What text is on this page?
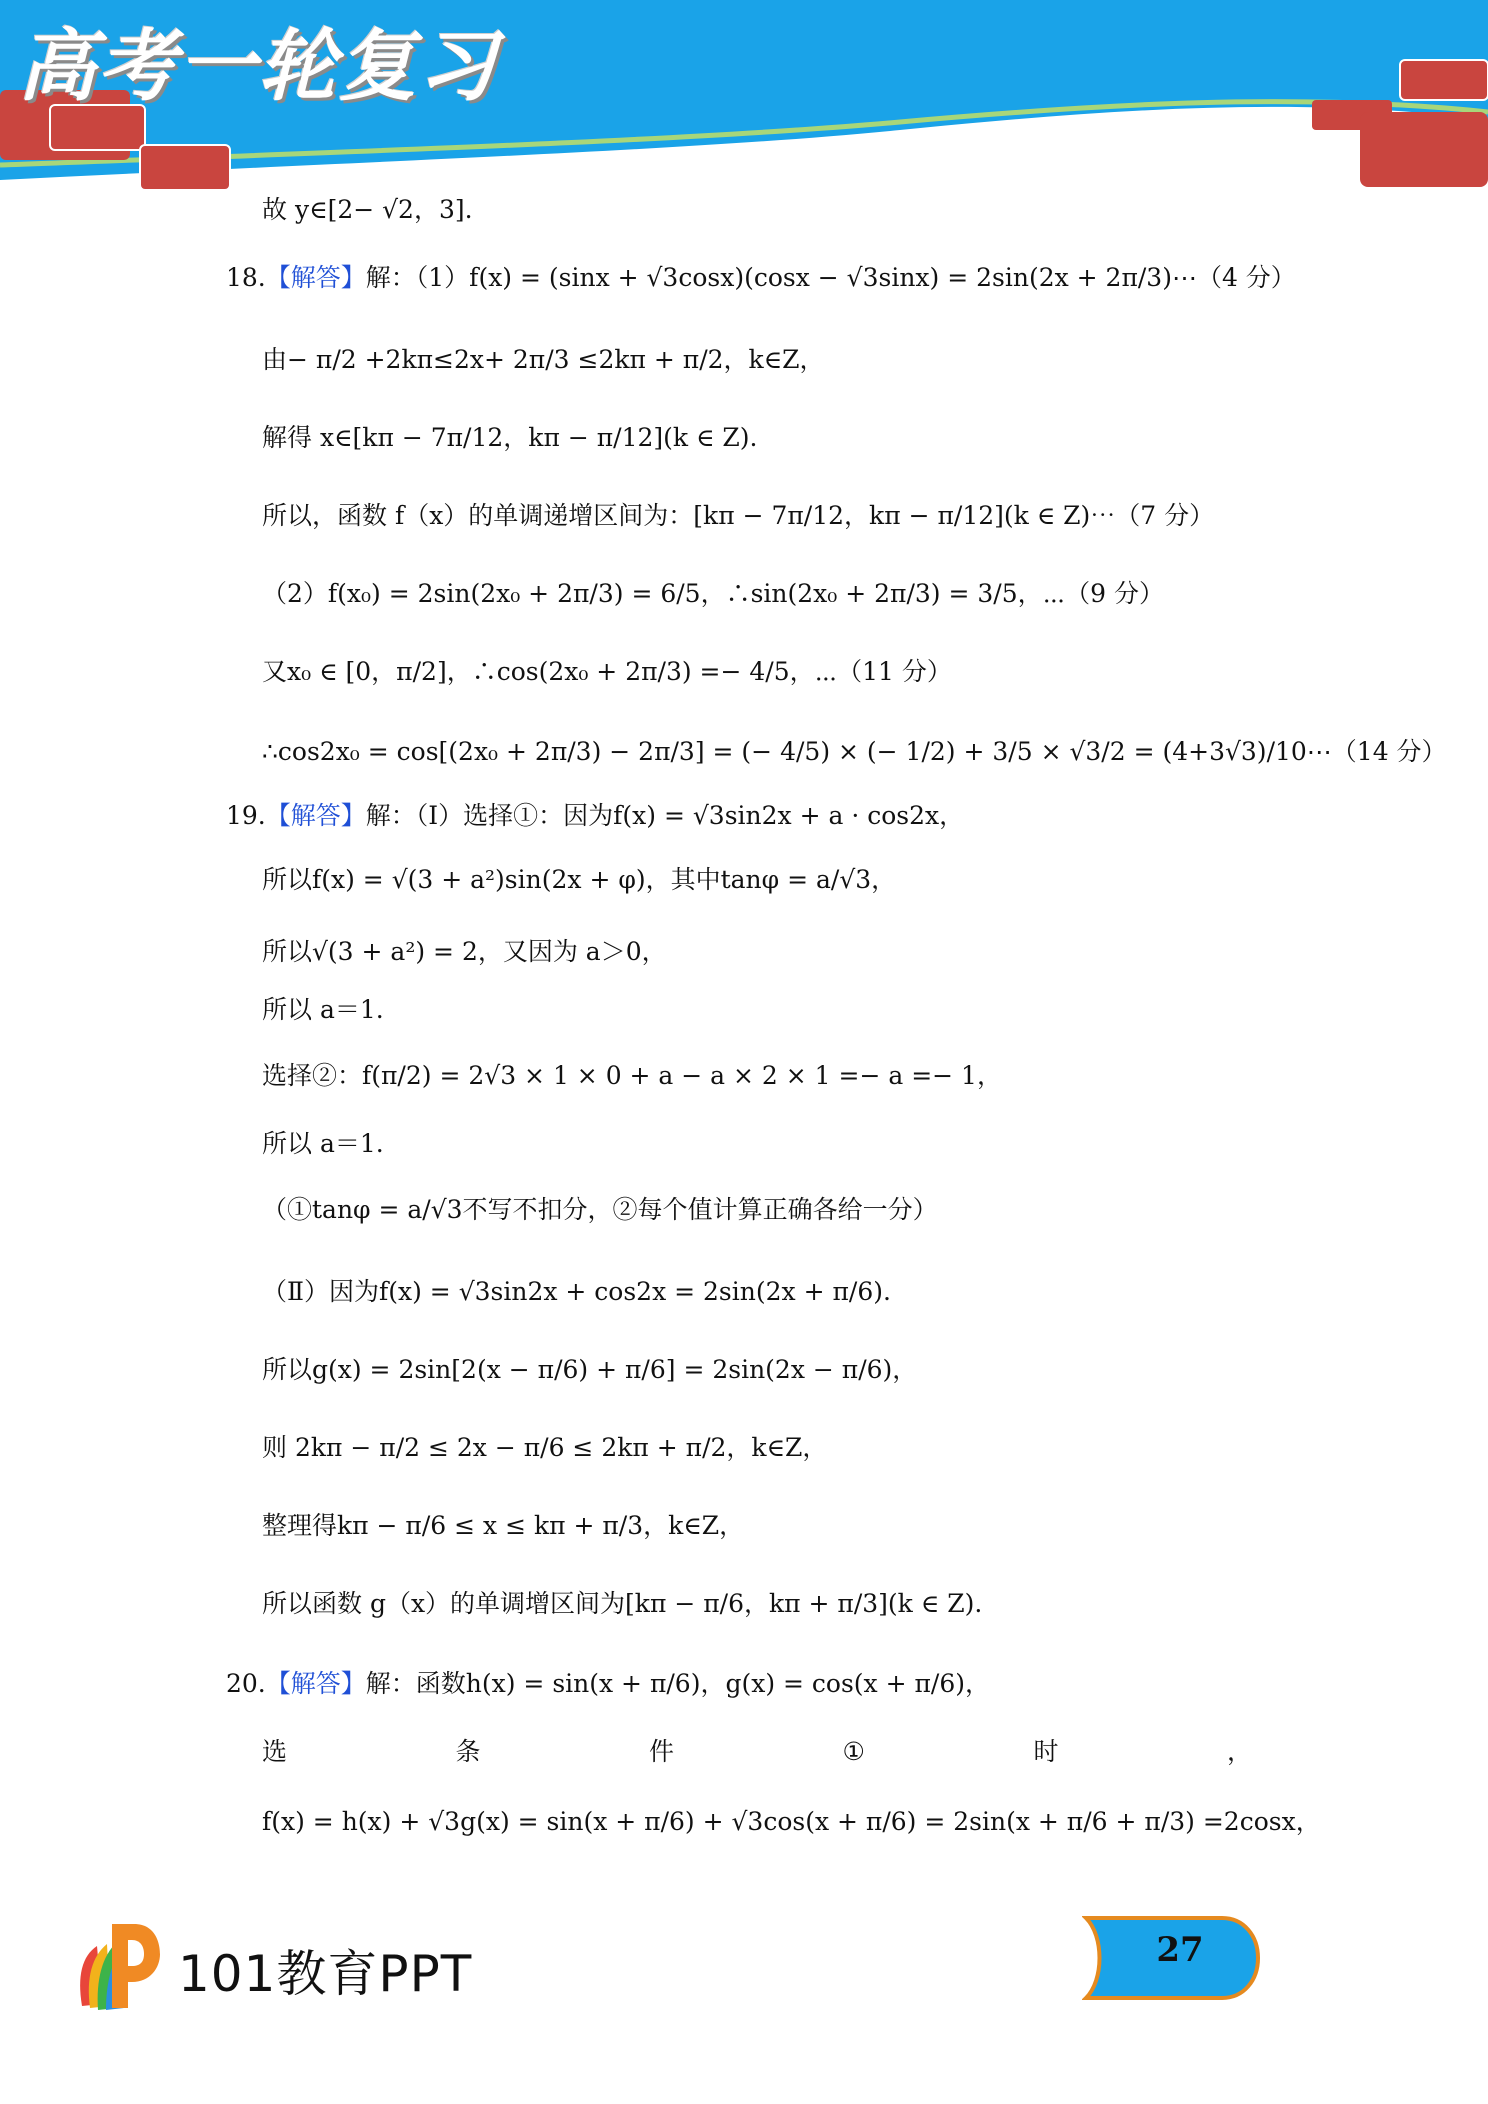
高考一轮复习
故 y∈[2− √2，3].
18.【解答】解：（1）f(x) = (sinx + √3cosx)(cosx − √3sinx) = 2sin(2x + 2π/3)⋯（4 分）
由− π/2 +2kπ≤2x+ 2π/3 ≤2kπ + π/2，k∈Z，
解得 x∈[kπ − 7π/12，kπ − π/12](k ∈ Z).
所以，函数 f（x）的单调递增区间为：[kπ − 7π/12，kπ − π/12](k ∈ Z)⋯（7 分）
（2）f(x₀) = 2sin(2x₀ + 2π/3) = 6/5，∴sin(2x₀ + 2π/3) = 3/5，⋯（9 分）
又x₀ ∈ [0，π/2]，∴cos(2x₀ + 2π/3) =− 4/5，⋯（11 分）
∴cos2x₀ = cos[(2x₀ + 2π/3) − 2π/3] = (− 4/5) × (− 1/2) + 3/5 × √3/2 = (4+3√3)/10⋯（14 分）
19.【解答】解：（Ⅰ）选择①：因为f(x) = √3sin2x + a · cos2x，
所以f(x) = √(3 + a²)sin(2x + φ)，其中tanφ = a/√3，
所以√(3 + a²) = 2，又因为 a＞0，
所以 a＝1.
选择②：f(π/2) = 2√3 × 1 × 0 + a − a × 2 × 1 =− a =− 1，
所以 a＝1.
（①tanφ = a/√3不写不扣分，②每个值计算正确各给一分）
（Ⅱ）因为f(x) = √3sin2x + cos2x = 2sin(2x + π/6).
所以g(x) = 2sin[2(x − π/6) + π/6] = 2sin(2x − π/6)，
则 2kπ − π/2 ≤ 2x − π/6 ≤ 2kπ + π/2，k∈Z，
整理得kπ − π/6 ≤ x ≤ kπ + π/3，k∈Z，
所以函数 g（x）的单调增区间为[kπ − π/6，kπ + π/3](k ∈ Z).
20.【解答】解：函数h(x) = sin(x + π/6)，g(x) = cos(x + π/6)，
选	条	件	①	时	，
f(x) = h(x) + √3g(x) = sin(x + π/6) + √3cos(x + π/6) = 2sin(x + π/6 + π/3) =2cosx，
101教育PPT	27
